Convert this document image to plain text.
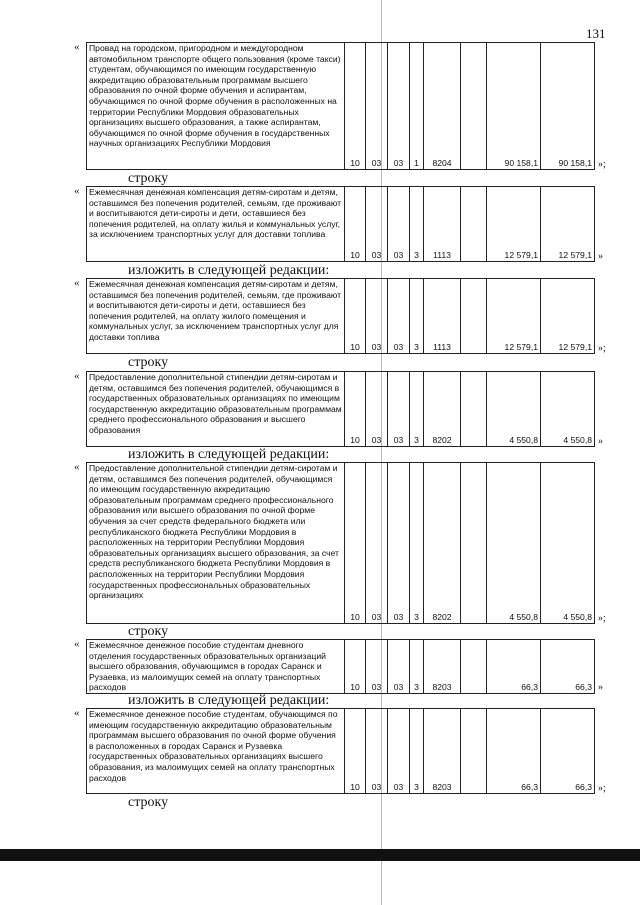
131
« Провад на городском, пригородном и междугородном автомобильном транспорте общего пользования (кроме такси) студентам, обучающимся по имеющим государственную аккредитацию образовательным программам высшего образования по очной форме обучения и аспирантам, обучающимся по очной форме обучения в расположенных на территории Республики Мордовия образовательных организациях высшего образования, а также аспирантам, обучающимся по очной форме обучения в государственных научных организациях Республики Мордовия	10	03	03	1	8204		90 158,1	90 158,1 »;
строку
« Ежемесячная денежная компенсация детям-сиротам и детям, оставшимся без попечения родителей, семьям, где проживают и воспитываются дети-сироты и дети, оставшиеся без попечения родителей, на оплату жилья и коммунальных услуг, за исключением транспортных услуг для доставки топлива	10	03	03	3	1113		12 579,1	12 579,1 »
изложить в следующей редакции:
« Ежемесячная денежная компенсация детям-сиротам и детям, оставшимся без попечения родителей, семьям, где проживают и воспитываются дети-сироты и дети, оставшиеся без попечения родителей, на оплату жилого помещения и коммунальных услуг, за исключением транспортных услуг для доставки топлива	10	03	03	3	1113		12 579,1	12 579,1 »;
строку
« Предоставление дополнительной стипендии детям-сиротам и детям, оставшимся без попечения родителей, обучающимся в государственных образовательных организациях по имеющим государственную аккредитацию образовательным программам среднего профессионального образования и высшего образования	10	03	03	3	8202		4 550,8	4 550,8 »
изложить в следующей редакции:
« Предоставление дополнительной стипендии детям-сиротам и детям, оставшимся без попечения родителей, обучающимся по имеющим государственную аккредитацию образовательным программам среднего профессионального образования или высшего образования по очной форме обучения за счет средств федерального бюджета или республиканского бюджета Республики Мордовия в расположенных на территории Республики Мордовия образовательных организациях высшего образования, за счет средств республиканского бюджета Республики Мордовия в расположенных на территории Республики Мордовия государственных профессиональных образовательных организациях	10	03	03	3	8202		4 550,8	4 550,8 »;
строку
« Ежемесячное денежное пособие студентам дневного отделения государственных образовательных организаций высшего образования, обучающимся в городах Саранск и Рузаевка, из малоимущих семей на оплату транспортных расходов	10	03	03	3	8203		66,3	66,3 »
изложить в следующей редакции:
« Ежемесячное денежное пособие студентам, обучающимся по имеющим государственную аккредитацию образовательным программам высшего образования по очной форме обучения в расположенных в городах Саранск и Рузаевка государственных образовательных организациях высшего образования, из малоимущих семей на оплату транспортных расходов	10	03	03	3	8203		66,3	66,3 »;
строку
